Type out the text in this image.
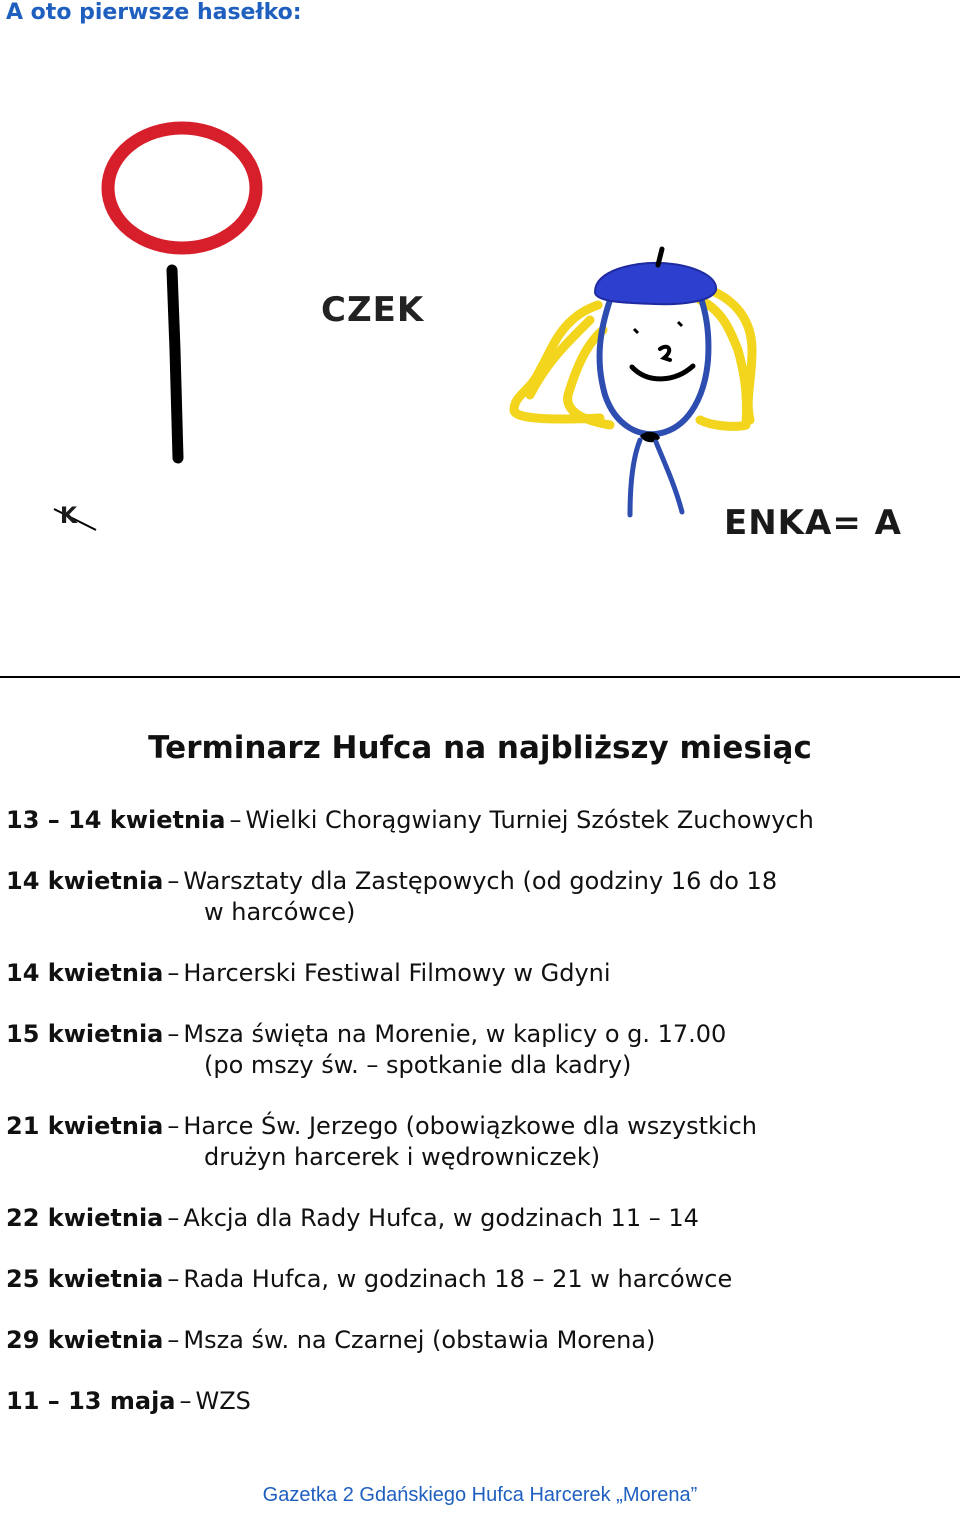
A oto pierwsze hasełko:
CZEK
K	ENKA= A
Terminarz Hufca na najbliższy miesiąc
13 – 14 kwietnia – Wielki Chorągwiany Turniej Szóstek Zuchowych
14 kwietnia – Warsztaty dla Zastępowych (od godziny 16 do 18
w harcówce)
14 kwietnia – Harcerski Festiwal Filmowy w Gdyni
15 kwietnia – Msza święta na Morenie, w kaplicy o g. 17.00
(po mszy św. – spotkanie dla kadry)
21 kwietnia – Harce Św. Jerzego (obowiązkowe dla wszystkich
drużyn harcerek i wędrowniczek)
22 kwietnia – Akcja dla Rady Hufca, w godzinach 11 – 14
25 kwietnia – Rada Hufca, w godzinach 18 – 21 w harcówce
29 kwietnia – Msza św. na Czarnej (obstawia Morena)
11 – 13 maja – WZS
Gazetka 2 Gdańskiego Hufca Harcerek „Morena”
